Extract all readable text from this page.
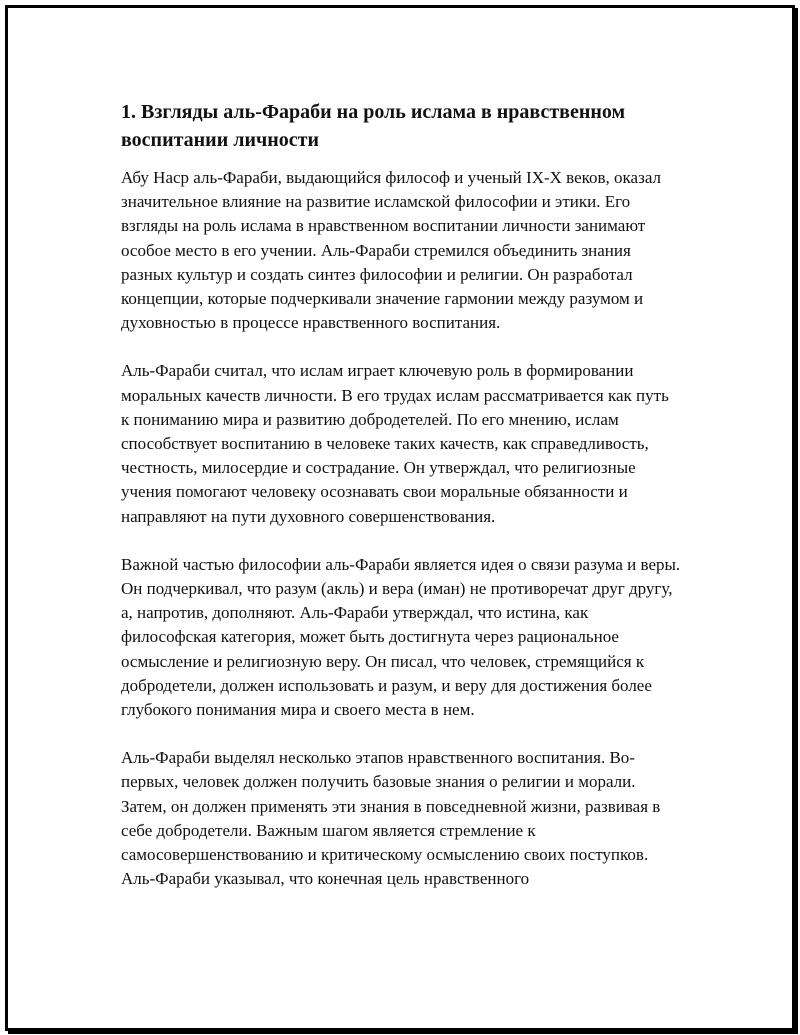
1. Взгляды аль-Фараби на роль ислама в нравственном воспитании личности

Абу Наср аль-Фараби, выдающийся философ и ученый IX-X веков, оказал значительное влияние на развитие исламской философии и этики. Его взгляды на роль ислама в нравственном воспитании личности занимают особое место в его учении. Аль-Фараби стремился объединить знания разных культур и создать синтез философии и религии. Он разработал концепции, которые подчеркивали значение гармонии между разумом и духовностью в процессе нравственного воспитания.

Аль-Фараби считал, что ислам играет ключевую роль в формировании моральных качеств личности. В его трудах ислам рассматривается как путь к пониманию мира и развитию добродетелей. По его мнению, ислам способствует воспитанию в человеке таких качеств, как справедливость, честность, милосердие и сострадание. Он утверждал, что религиозные учения помогают человеку осознавать свои моральные обязанности и направляют на пути духовного совершенствования.

Важной частью философии аль-Фараби является идея о связи разума и веры. Он подчеркивал, что разум (акль) и вера (иман) не противоречат друг другу, а, напротив, дополняют. Аль-Фараби утверждал, что истина, как философская категория, может быть достигнута через рациональное осмысление и религиозную веру. Он писал, что человек, стремящийся к добродетели, должен использовать и разум, и веру для достижения более глубокого понимания мира и своего места в нем.

Аль-Фараби выделял несколько этапов нравственного воспитания. Во-первых, человек должен получить базовые знания о религии и морали. Затем, он должен применять эти знания в повседневной жизни, развивая в себе добродетели. Важным шагом является стремление к самосовершенствованию и критическому осмыслению своих поступков. Аль-Фараби указывал, что конечная цель нравственного
